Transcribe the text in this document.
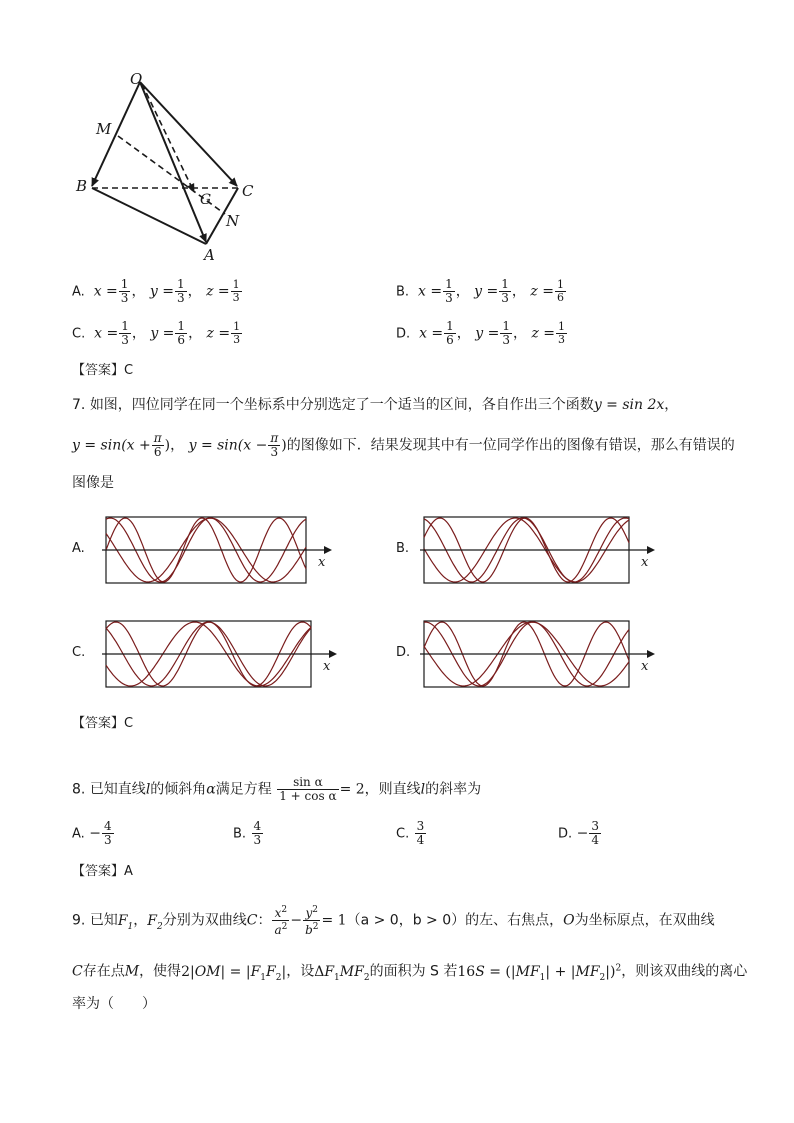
O
M
B	C
G
N
A
A. $x = \frac{1}{3}$ ， $y = \frac{1}{3}$ ， $z = \frac{1}{3}$	B. $x = \frac{1}{3}$ ， $y = \frac{1}{3}$ ， $z = \frac{1}{6}$
C. $x = \frac{1}{3}$ ， $y = \frac{1}{6}$ ， $z = \frac{1}{3}$	D. $x = \frac{1}{6}$ ， $y = \frac{1}{3}$ ， $z = \frac{1}{3}$
【答案】C
7. 如图，四位同学在同一个坐标系中分别选定了一个适当的区间，各自作出三个函数y = sin 2x，
$y = \sin(x + \frac{\pi}{6}$ )， $y = \sin(x - \frac{\pi}{3}$ )的图像如下．结果发现其中有一位同学作出的图像有错误，那么有错误的
图像是
A.	B.
C.	D.
x	x
x	x
【答案】C
8. 已知直线l的倾斜角α满足方程 $\frac{\text{sin α}}{\text{1 + cos α}} = 2$，则直线l的斜率为
A. − $\frac{4}{3}$	B. $\frac{4}{3}$	C. $\frac{3}{4}$	D. − $\frac{3}{4}$
【答案】A
9. 已知$F_1$，$F_2$分别为双曲线C： $\frac{x^2}{a^2} - \frac{y^2}{b^2} = 1(a > 0$，b > 0）的左、右焦点，O为坐标原点，在双曲线
C存在点M，使得$2|OM| = |F_1F_2|$，设$\Delta F_1MF_2$的面积为 S 若$16S = (|MF_1| + |MF_2|)^2$，则该双曲线的离心
率为（　　）
